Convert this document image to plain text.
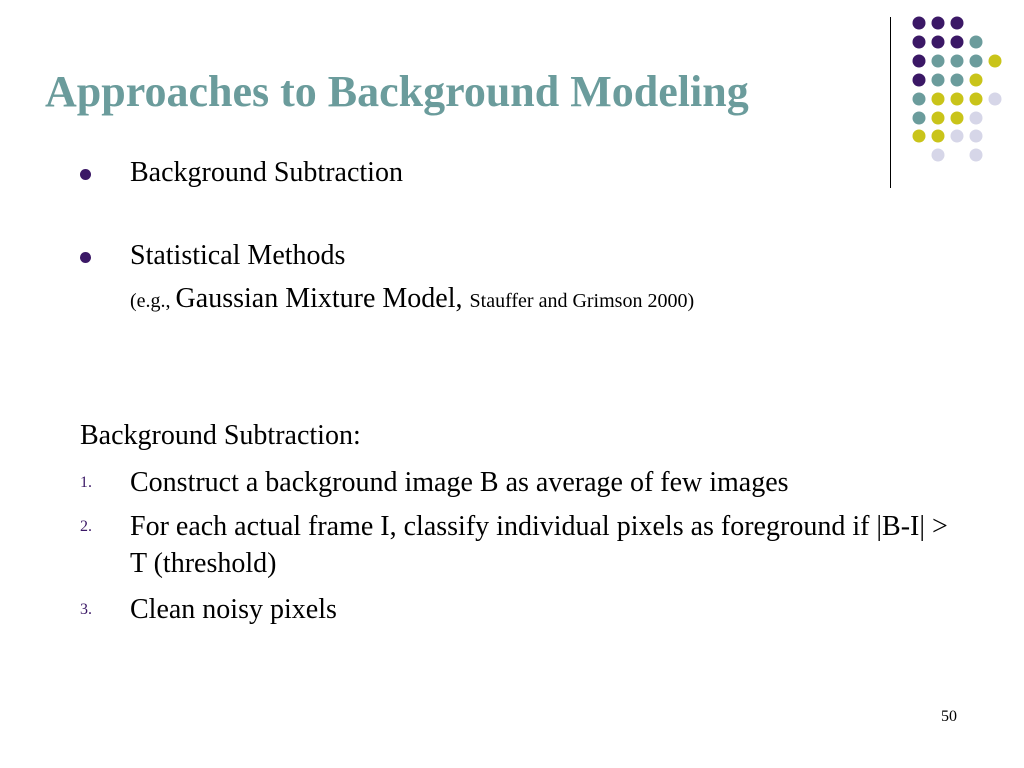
Approaches to Background Modeling
Background Subtraction
Statistical Methods
(e.g., Gaussian Mixture Model, Stauffer and Grimson 2000)
Background Subtraction:
1. Construct a background image B as average of few images
2. For each actual frame I, classify individual pixels as foreground if |B-I| > T (threshold)
3. Clean noisy pixels
50
